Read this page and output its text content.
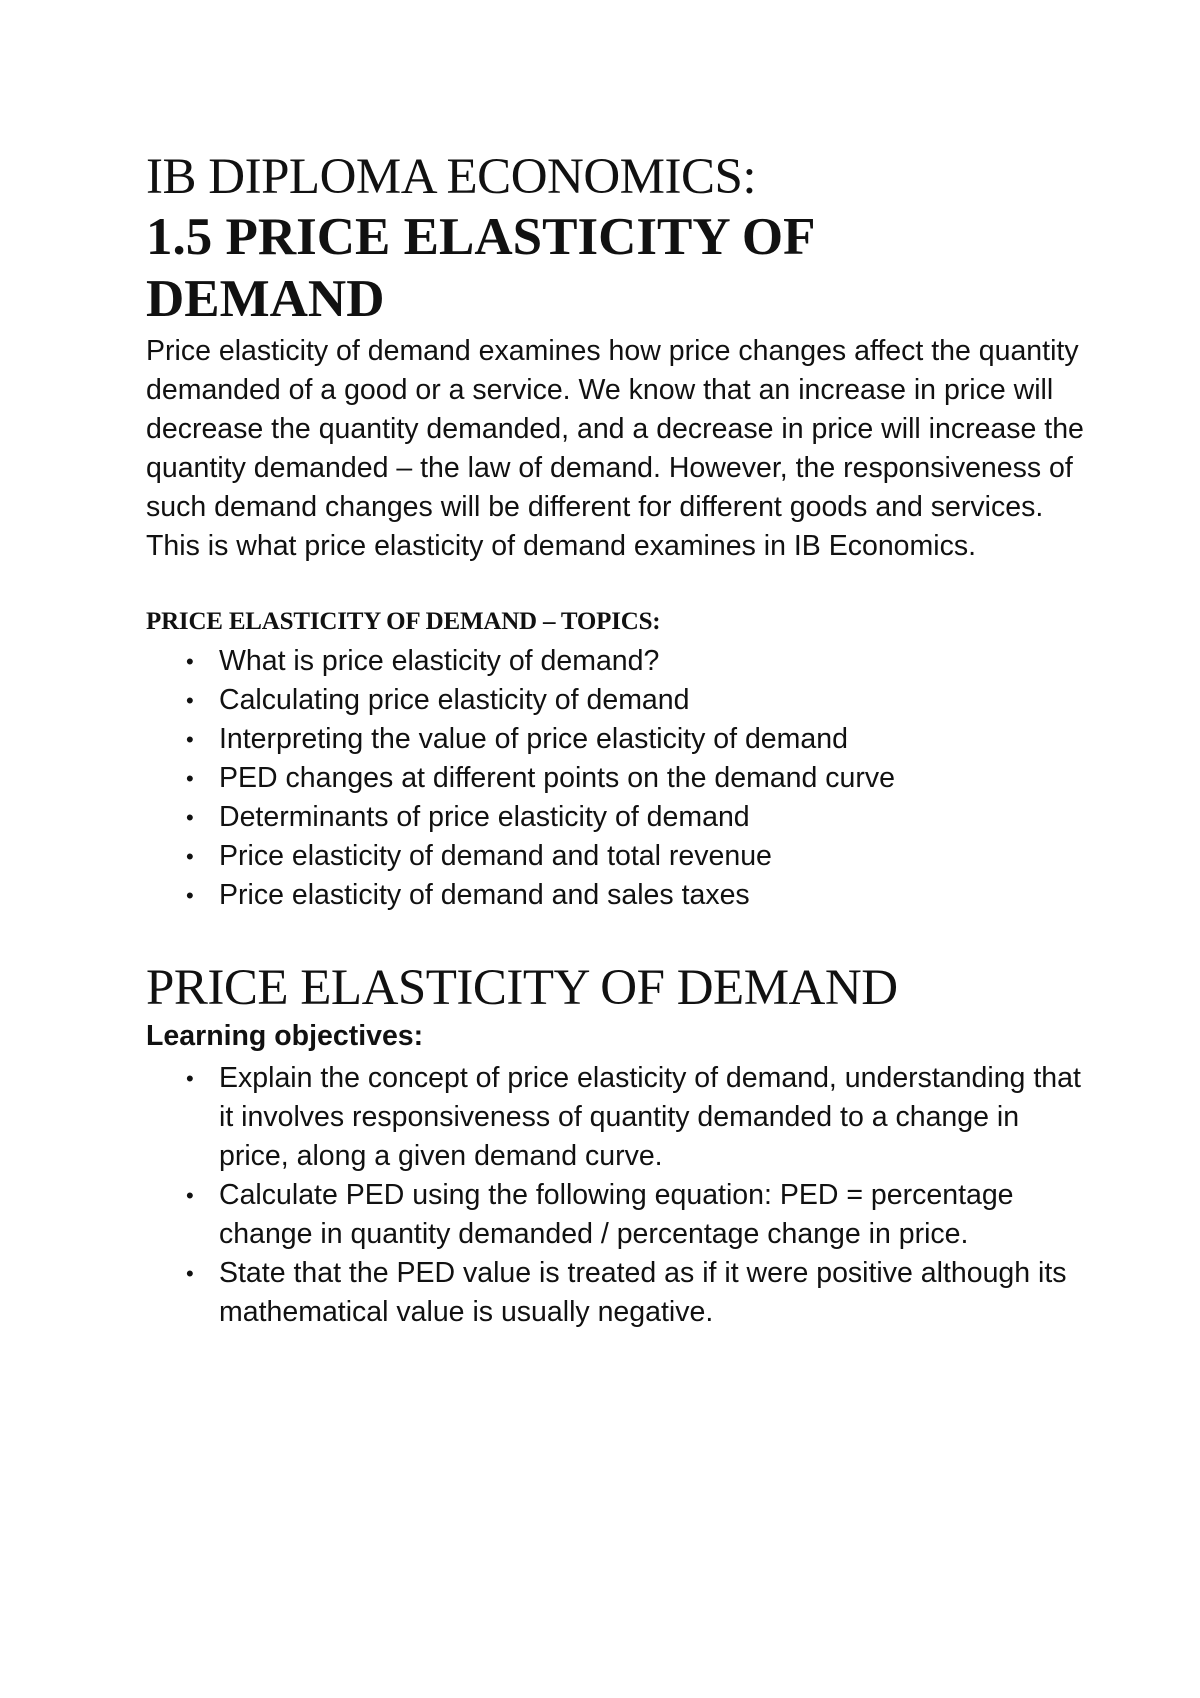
IB DIPLOMA ECONOMICS:
1.5 PRICE ELASTICITY OF DEMAND

Price elasticity of demand examines how price changes affect the quantity demanded of a good or a service. We know that an increase in price will decrease the quantity demanded, and a decrease in price will increase the quantity demanded – the law of demand. However, the responsiveness of such demand changes will be different for different goods and services. This is what price elasticity of demand examines in IB Economics.

PRICE ELASTICITY OF DEMAND – TOPICS:
• What is price elasticity of demand?
• Calculating price elasticity of demand
• Interpreting the value of price elasticity of demand
• PED changes at different points on the demand curve
• Determinants of price elasticity of demand
• Price elasticity of demand and total revenue
• Price elasticity of demand and sales taxes
PRICE ELASTICITY OF DEMAND
Learning objectives:
• Explain the concept of price elasticity of demand, understanding that it involves responsiveness of quantity demanded to a change in price, along a given demand curve.
• Calculate PED using the following equation: PED = percentage change in quantity demanded / percentage change in price.
• State that the PED value is treated as if it were positive although its mathematical value is usually negative.
